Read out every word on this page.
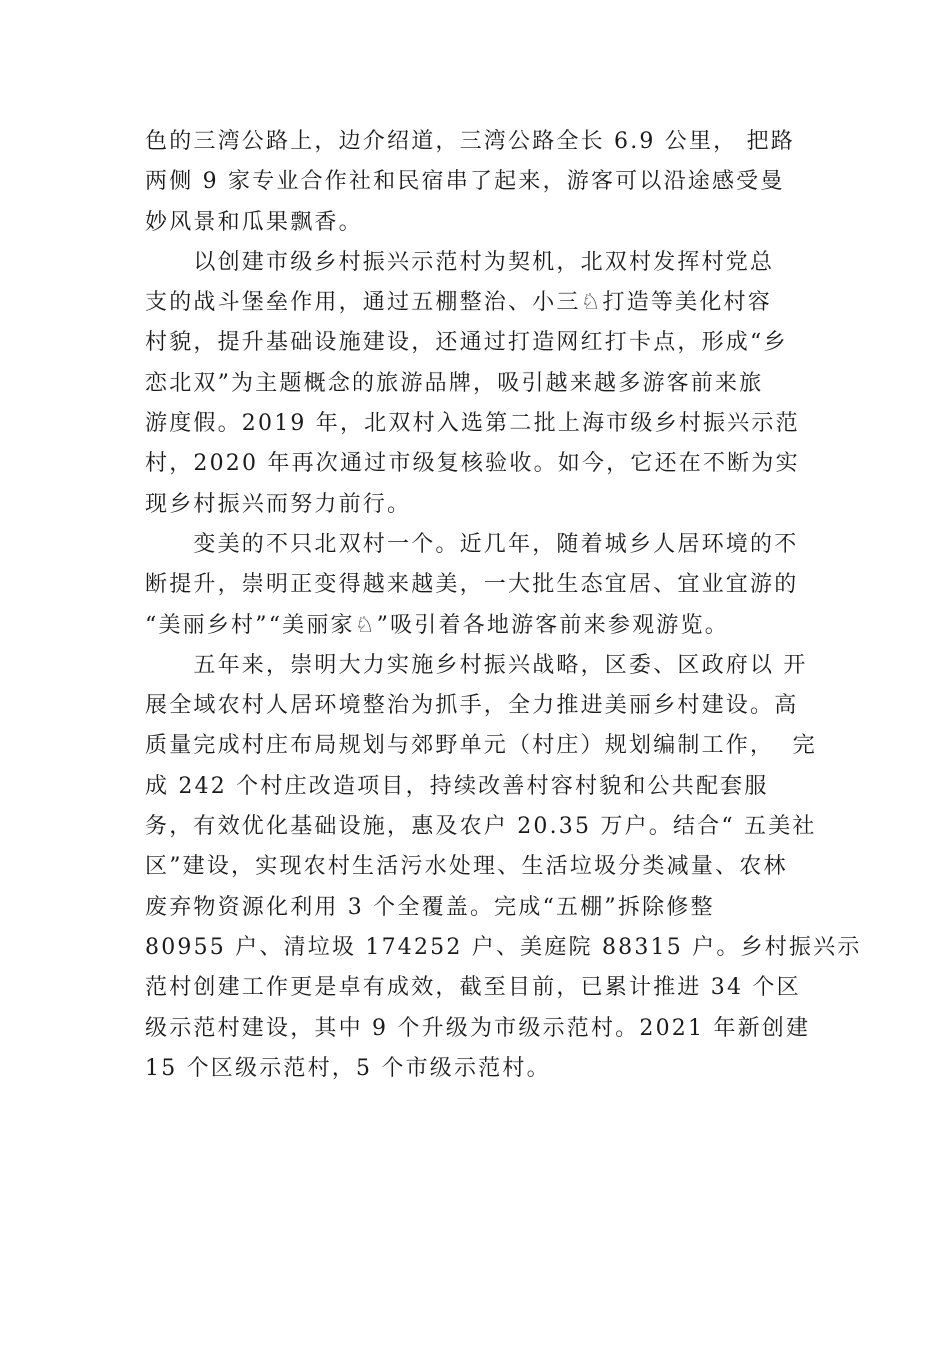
色的三湾公路上，边介绍道，三湾公路全长 6.9 公里， 把路
两侧 9 家专业合作社和民宿串了起来，游客可以沿途感受曼
妙风景和瓜果飘香。
　　以创建市级乡村振兴示范村为契机，北双村发挥村党总
支的战斗堡垒作用，通过五棚整治、小三♘打造等美化村容
村貌，提升基础设施建设，还通过打造网红打卡点，形成“乡
恋北双”为主题概念的旅游品牌，吸引越来越多游客前来旅
游度假。2019 年，北双村入选第二批上海市级乡村振兴示范
村，2020 年再次通过市级复核验收。如今，它还在不断为实
现乡村振兴而努力前行。
　　变美的不只北双村一个。近几年，随着城乡人居环境的不
断提升，崇明正变得越来越美，一大批生态宜居、宜业宜游的
“美丽乡村”“美丽家♘”吸引着各地游客前来参观游览。
　　五年来，崇明大力实施乡村振兴战略，区委、区政府以 开
展全域农村人居环境整治为抓手，全力推进美丽乡村建设。高
质量完成村庄布局规划与郊野单元（村庄）规划编制工作，  完
成 242 个村庄改造项目，持续改善村容村貌和公共配套服
务，有效优化基础设施，惠及农户 20.35 万户。结合“ 五美社
区”建设，实现农村生活污水处理、生活垃圾分类减量、农林
废弃物资源化利用 3 个全覆盖。完成“五棚”拆除修整
80955 户、清垃圾 174252 户、美庭院 88315 户。乡村振兴示
范村创建工作更是卓有成效，截至目前，已累计推进 34 个区
级示范村建设，其中 9 个升级为市级示范村。2021 年新创建
15 个区级示范村，5 个市级示范村。
